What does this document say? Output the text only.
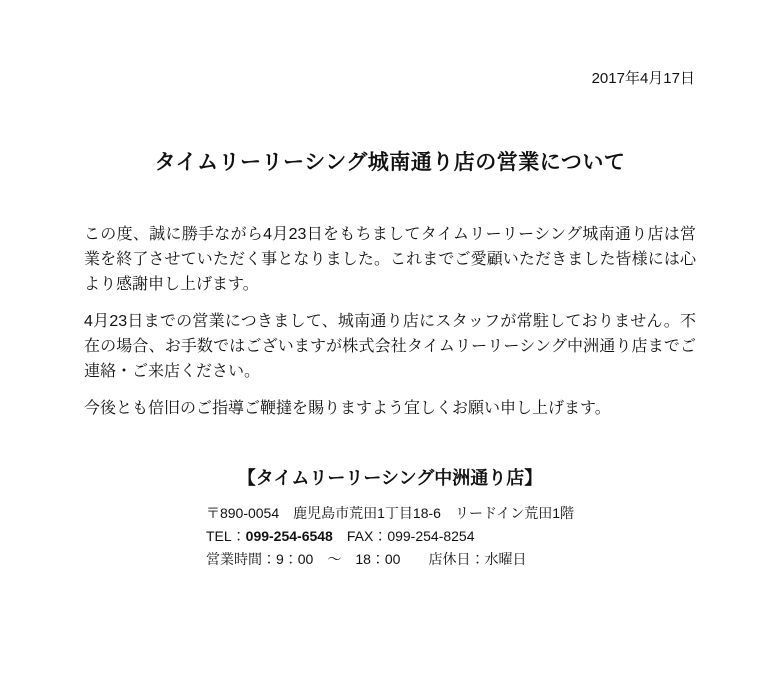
2017年4月17日
タイムリーリーシング城南通り店の営業について

この度、誠に勝手ながら4月23日をもちましてタイムリーリーシング城南通り店は営業を終了させていただく事となりました。これまでご愛顧いただきました皆様には心より感謝申し上げます。

4月23日までの営業につきまして、城南通り店にスタッフが常駐しておりません。不在の場合、お手数ではございますが株式会社タイムリーリーシング中洲通り店までご連絡・ご来店ください。

今後とも倍旧のご指導ご鞭撻を賜りますよう宜しくお願い申し上げます。

【タイムリーリーシング中洲通り店】
〒890-0054　鹿児島市荒田1丁目18-6　リードイン荒田1階
TEL：099-254-6548　 FAX：099-254-8254
営業時間：9：00　～　18：00　　店休日：水曜日
